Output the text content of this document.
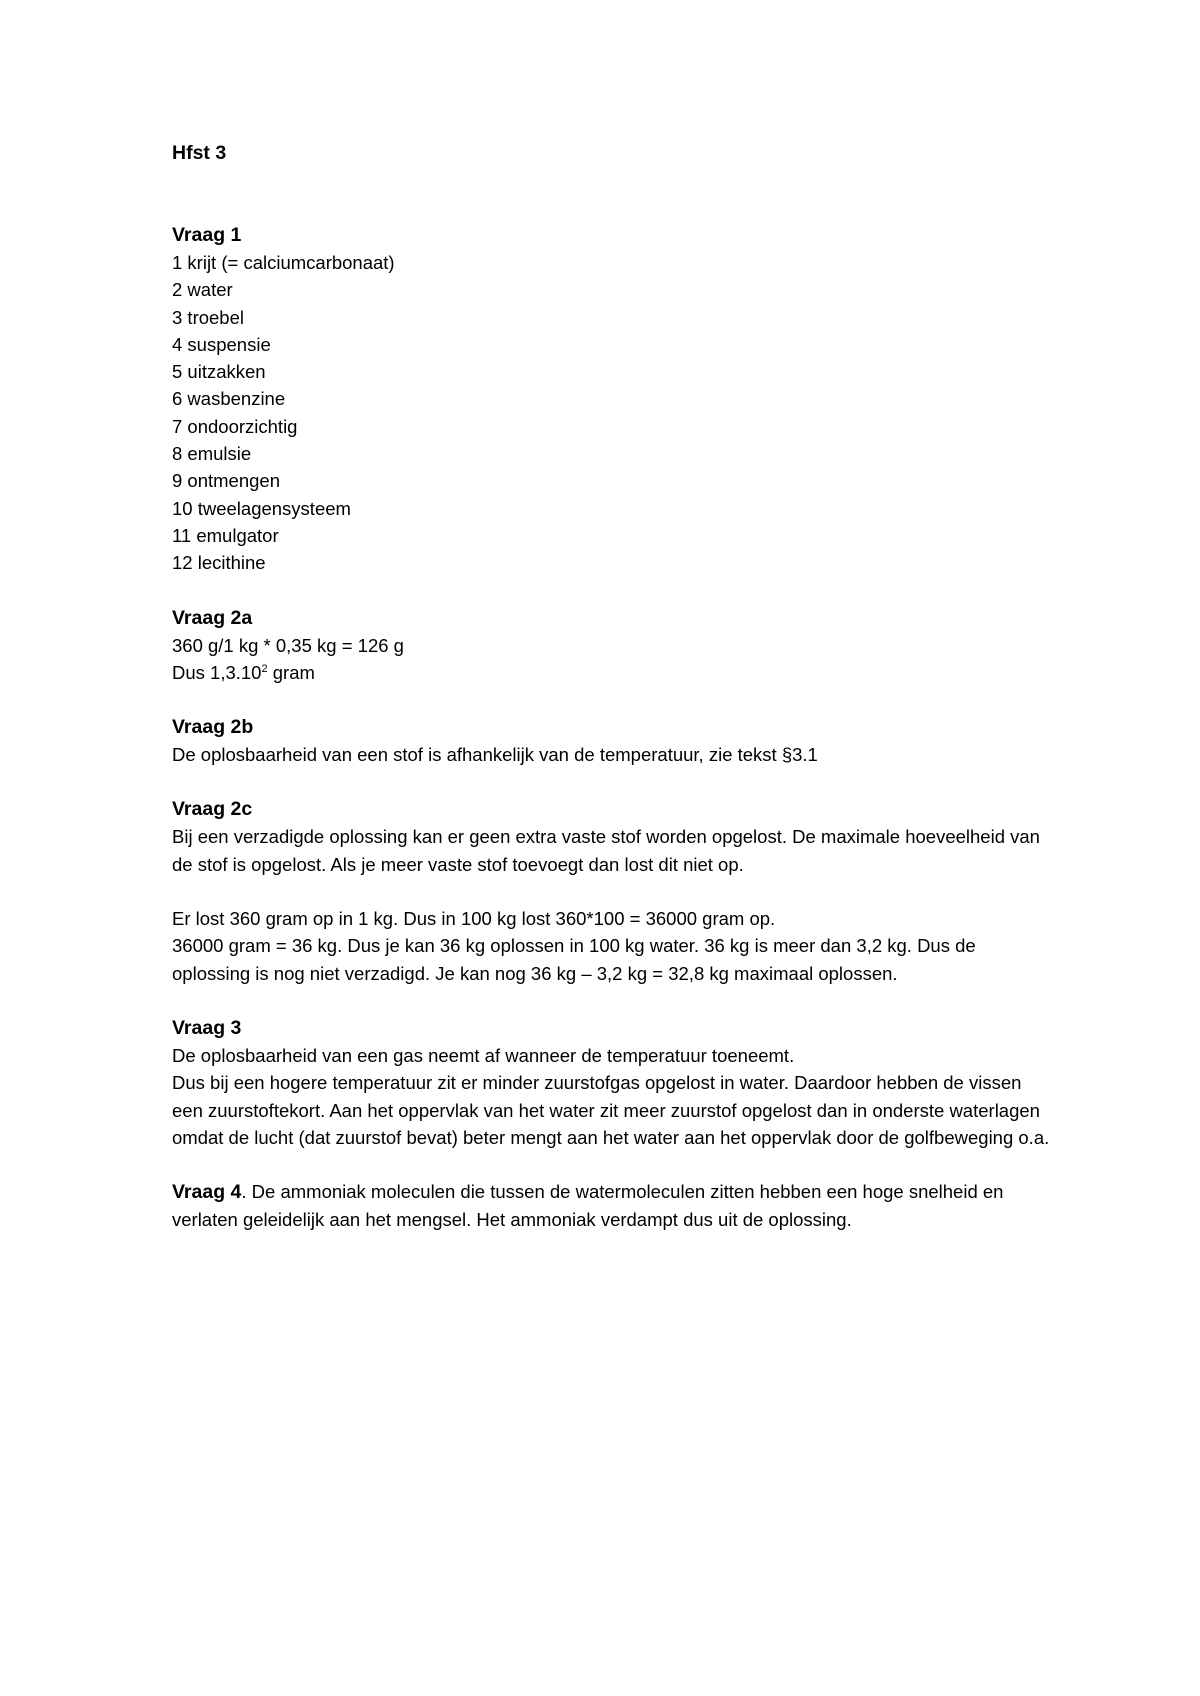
Hfst 3
Vraag 1
1 krijt (= calciumcarbonaat)
2 water
3 troebel
4 suspensie
5 uitzakken
6 wasbenzine
7 ondoorzichtig
8 emulsie
9 ontmengen
10 tweelagensysteem
11 emulgator
12 lecithine
Vraag 2a
360 g/1 kg * 0,35 kg = 126 g
Dus 1,3.10$^2$ gram
Vraag 2b
De oplosbaarheid van een stof is afhankelijk van de temperatuur, zie tekst §3.1
Vraag 2c
Bij een verzadigde oplossing kan er geen extra vaste stof worden opgelost. De maximale hoeveelheid van de stof is opgelost. Als je meer vaste stof toevoegt dan lost dit niet op.
Er lost 360 gram op in 1 kg. Dus in 100 kg lost 360*100 = 36000 gram op.
36000 gram = 36 kg. Dus je kan 36 kg oplossen in 100 kg water. 36 kg is meer dan 3,2 kg. Dus de oplossing is nog niet verzadigd. Je kan nog 36 kg – 3,2 kg = 32,8 kg maximaal oplossen.
Vraag 3
De oplosbaarheid van een gas neemt af wanneer de temperatuur toeneemt.
Dus bij een hogere temperatuur zit er minder zuurstofgas opgelost in water. Daardoor hebben de vissen een zuurstoftekort. Aan het oppervlak van het water zit meer zuurstof opgelost dan in onderste waterlagen omdat de lucht (dat zuurstof bevat) beter mengt aan het water aan het oppervlak door de golfbeweging o.a.
Vraag 4. De ammoniak moleculen die tussen de watermoleculen zitten hebben een hoge snelheid en verlaten geleidelijk aan het mengsel. Het ammoniak verdampt dus uit de oplossing.
